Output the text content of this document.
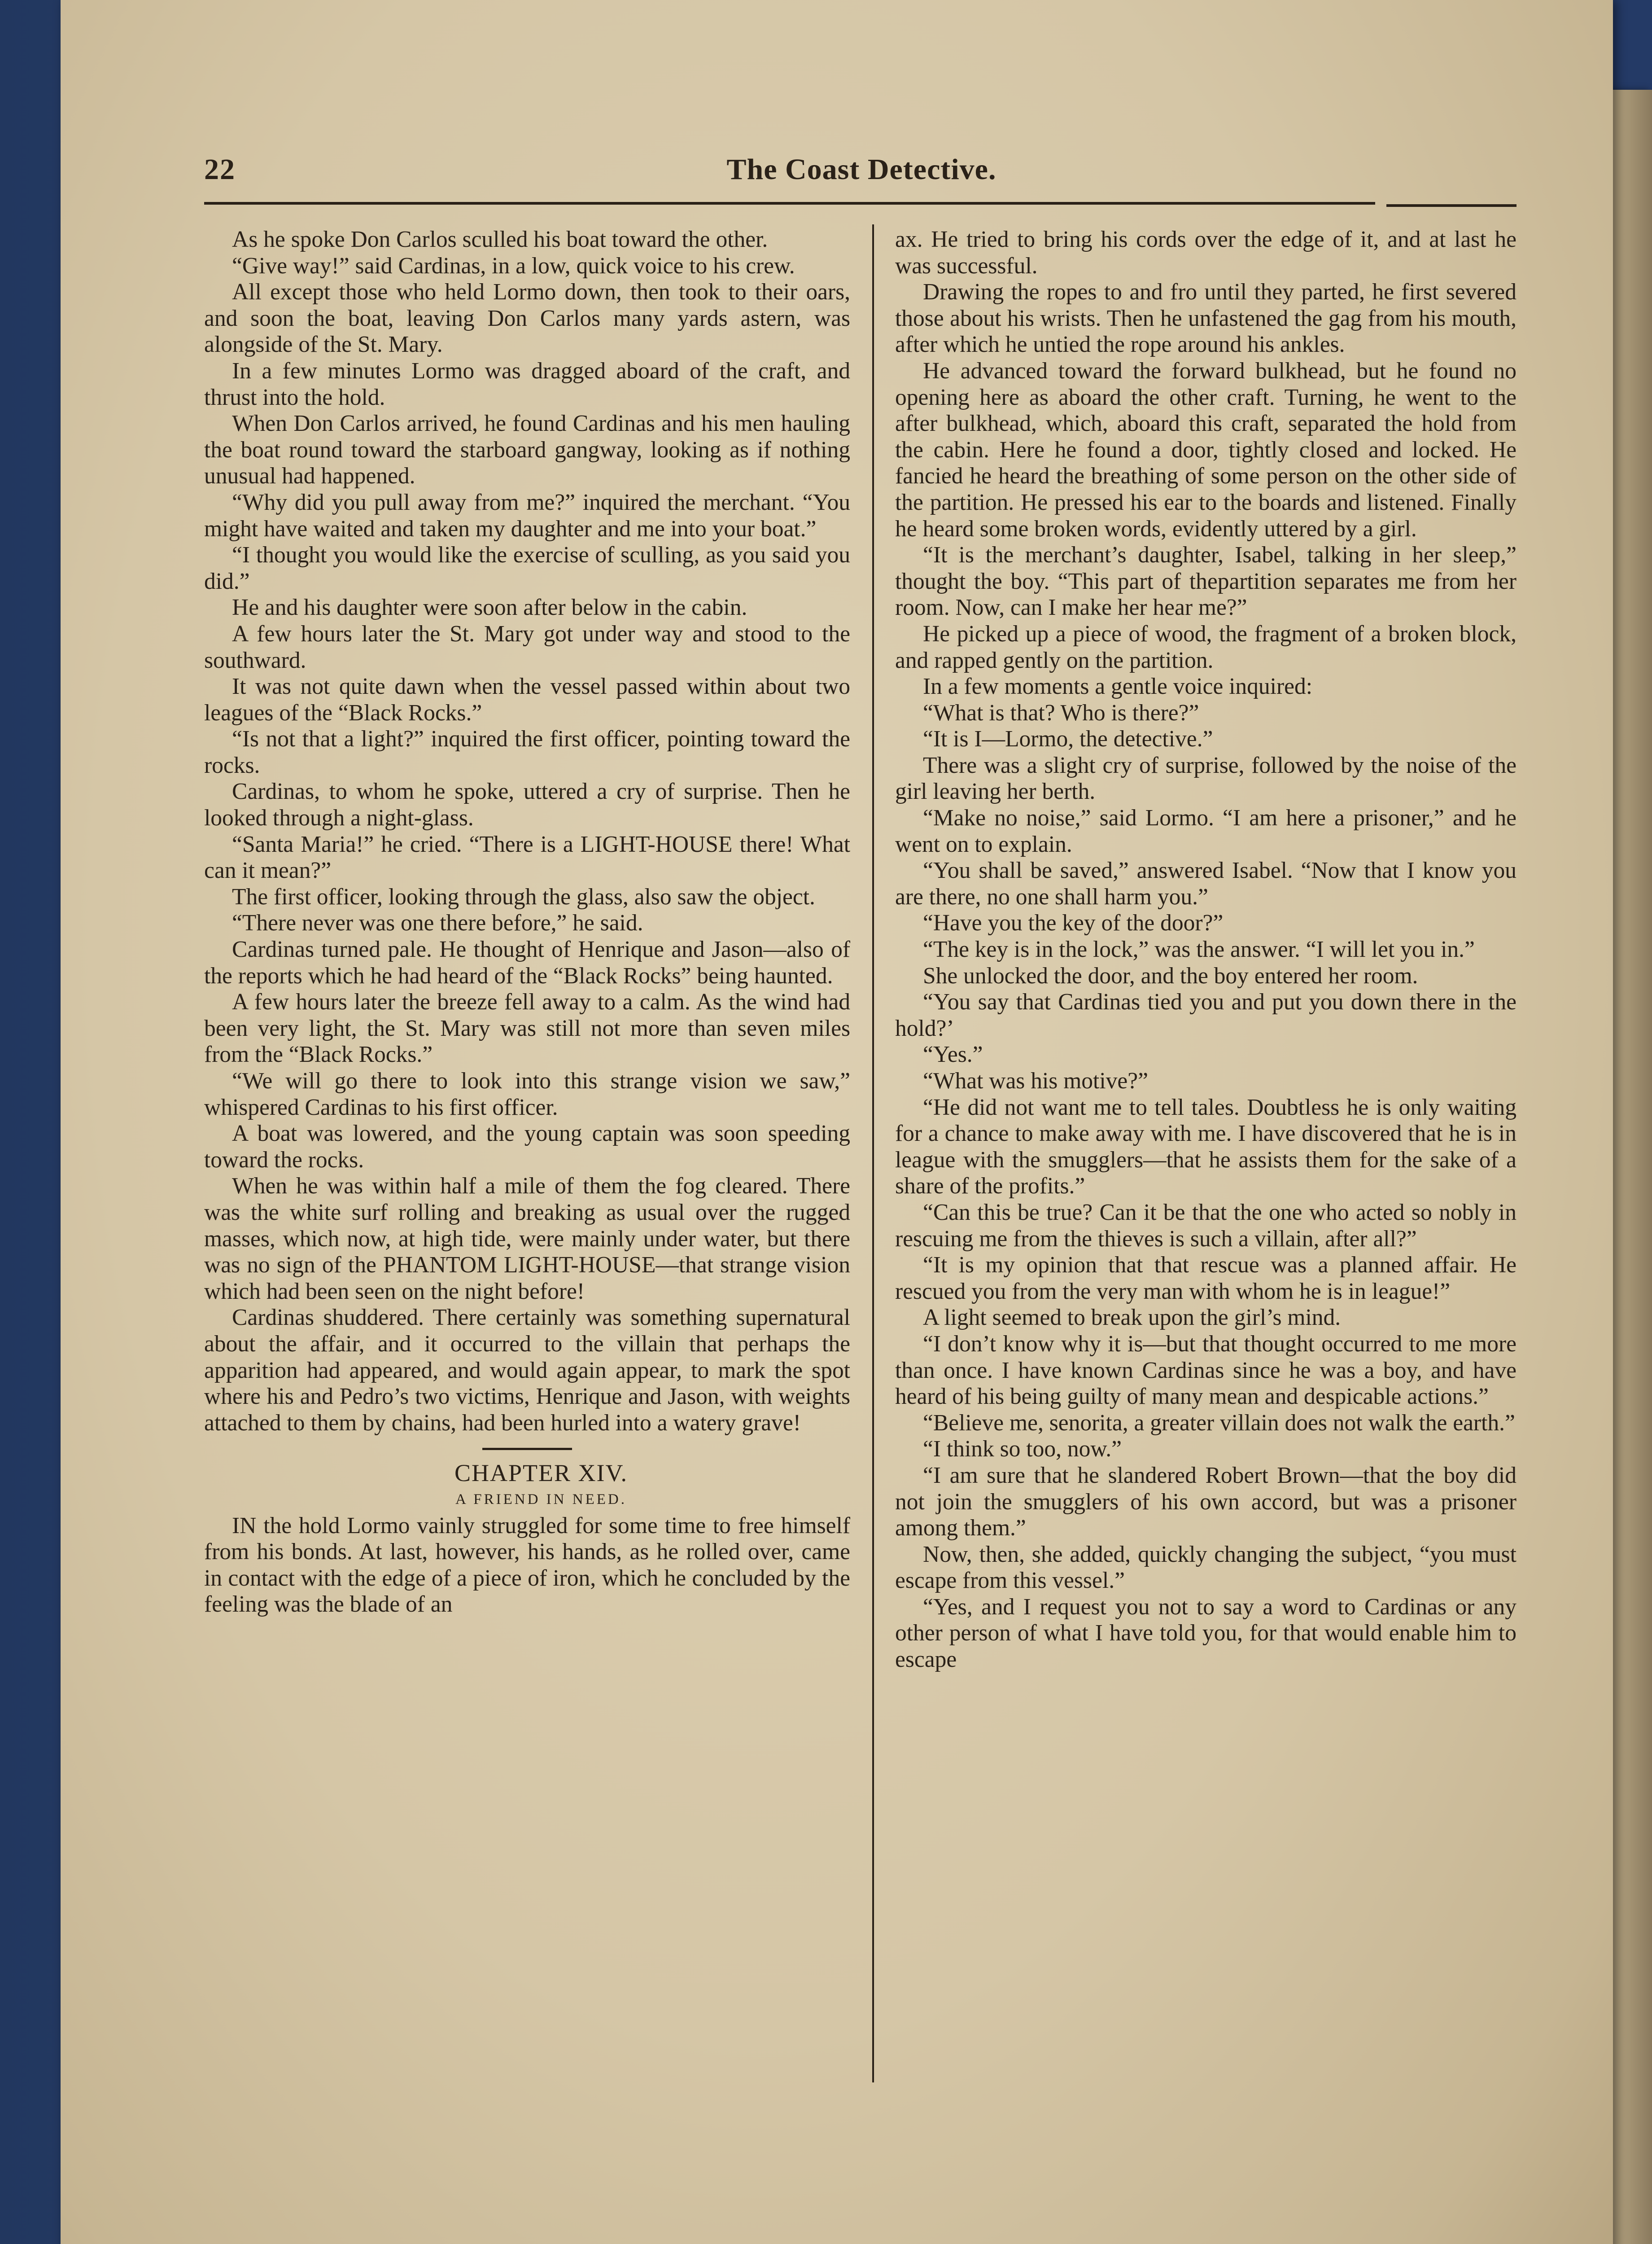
22	The Coast Detective.

As he spoke Don Carlos sculled his boat toward the other.

“Give way!” said Cardinas, in a low, quick voice to his crew.

All except those who held Lormo down, then took to their oars, and soon the boat, leaving Don Carlos many yards astern, was alongside of the St. Mary.

In a few minutes Lormo was dragged aboard of the craft, and thrust into the hold.

When Don Carlos arrived, he found Cardinas and his men hauling the boat round toward the starboard gangway, looking as if nothing unusual had happened.

“Why did you pull away from me?” inquired the merchant. “You might have waited and taken my daughter and me into your boat.”

“I thought you would like the exercise of sculling, as you said you did.”

He and his daughter were soon after below in the cabin.

A few hours later the St. Mary got under way and stood to the southward.

It was not quite dawn when the vessel passed within about two leagues of the “Black Rocks.”

“Is not that a light?” inquired the first officer, pointing toward the rocks.

Cardinas, to whom he spoke, uttered a cry of surprise. Then he looked through a night-glass.

“Santa Maria!” he cried. “There is a LIGHT-HOUSE there! What can it mean?”

The first officer, looking through the glass, also saw the object.

“There never was one there before,” he said.

Cardinas turned pale. He thought of Henrique and Jason—also of the reports which he had heard of the “Black Rocks” being haunted.

A few hours later the breeze fell away to a calm. As the wind had been very light, the St. Mary was still not more than seven miles from the “Black Rocks.”

“We will go there to look into this strange vision we saw,” whispered Cardinas to his first officer.

A boat was lowered, and the young captain was soon speeding toward the rocks.

When he was within half a mile of them the fog cleared. There was the white surf rolling and breaking as usual over the rugged masses, which now, at high tide, were mainly under water, but there was no sign of the PHANTOM LIGHT-HOUSE—that strange vision which had been seen on the night before!

Cardinas shuddered. There certainly was something supernatural about the affair, and it occurred to the villain that perhaps the apparition had appeared, and would again appear, to mark the spot where his and Pedro’s two victims, Henrique and Jason, with weights attached to them by chains, had been hurled into a watery grave!

CHAPTER XIV.

A FRIEND IN NEED.

IN the hold Lormo vainly struggled for some time to free himself from his bonds. At last, however, his hands, as he rolled over, came in contact with the edge of a piece of iron, which he concluded by the feeling was the blade of an

ax. He tried to bring his cords over the edge of it, and at last he was successful.

Drawing the ropes to and fro until they parted, he first severed those about his wrists. Then he unfastened the gag from his mouth, after which he untied the rope around his ankles.

He advanced toward the forward bulkhead, but he found no opening here as aboard the other craft. Turning, he went to the after bulkhead, which, aboard this craft, separated the hold from the cabin. Here he found a door, tightly closed and locked. He fancied he heard the breathing of some person on the other side of the partition. He pressed his ear to the boards and listened. Finally he heard some broken words, evidently uttered by a girl.

“It is the merchant’s daughter, Isabel, talking in her sleep,” thought the boy. “This part of thepartition separates me from her room. Now, can I make her hear me?”

He picked up a piece of wood, the fragment of a broken block, and rapped gently on the partition.

In a few moments a gentle voice inquired:

“What is that? Who is there?”

“It is I—Lormo, the detective.”

There was a slight cry of surprise, followed by the noise of the girl leaving her berth.

“Make no noise,” said Lormo. “I am here a prisoner,” and he went on to explain.

“You shall be saved,” answered Isabel. “Now that I know you are there, no one shall harm you.”

“Have you the key of the door?”

“The key is in the lock,” was the answer. “I will let you in.”

She unlocked the door, and the boy entered her room.

“You say that Cardinas tied you and put you down there in the hold?’

“Yes.”

“What was his motive?”

“He did not want me to tell tales. Doubtless he is only waiting for a chance to make away with me. I have discovered that he is in league with the smugglers—that he assists them for the sake of a share of the profits.”

“Can this be true? Can it be that the one who acted so nobly in rescuing me from the thieves is such a villain, after all?”

“It is my opinion that that rescue was a planned affair. He rescued you from the very man with whom he is in league!”

A light seemed to break upon the girl’s mind.

“I don’t know why it is—but that thought occurred to me more than once. I have known Cardinas since he was a boy, and have heard of his being guilty of many mean and despicable actions.”

“Believe me, senorita, a greater villain does not walk the earth.”

“I think so too, now.”

“I am sure that he slandered Robert Brown—that the boy did not join the smugglers of his own accord, but was a prisoner among them.”

Now, then, she added, quickly changing the subject, “you must escape from this vessel.”

“Yes, and I request you not to say a word to Cardinas or any other person of what I have told you, for that would enable him to escape
